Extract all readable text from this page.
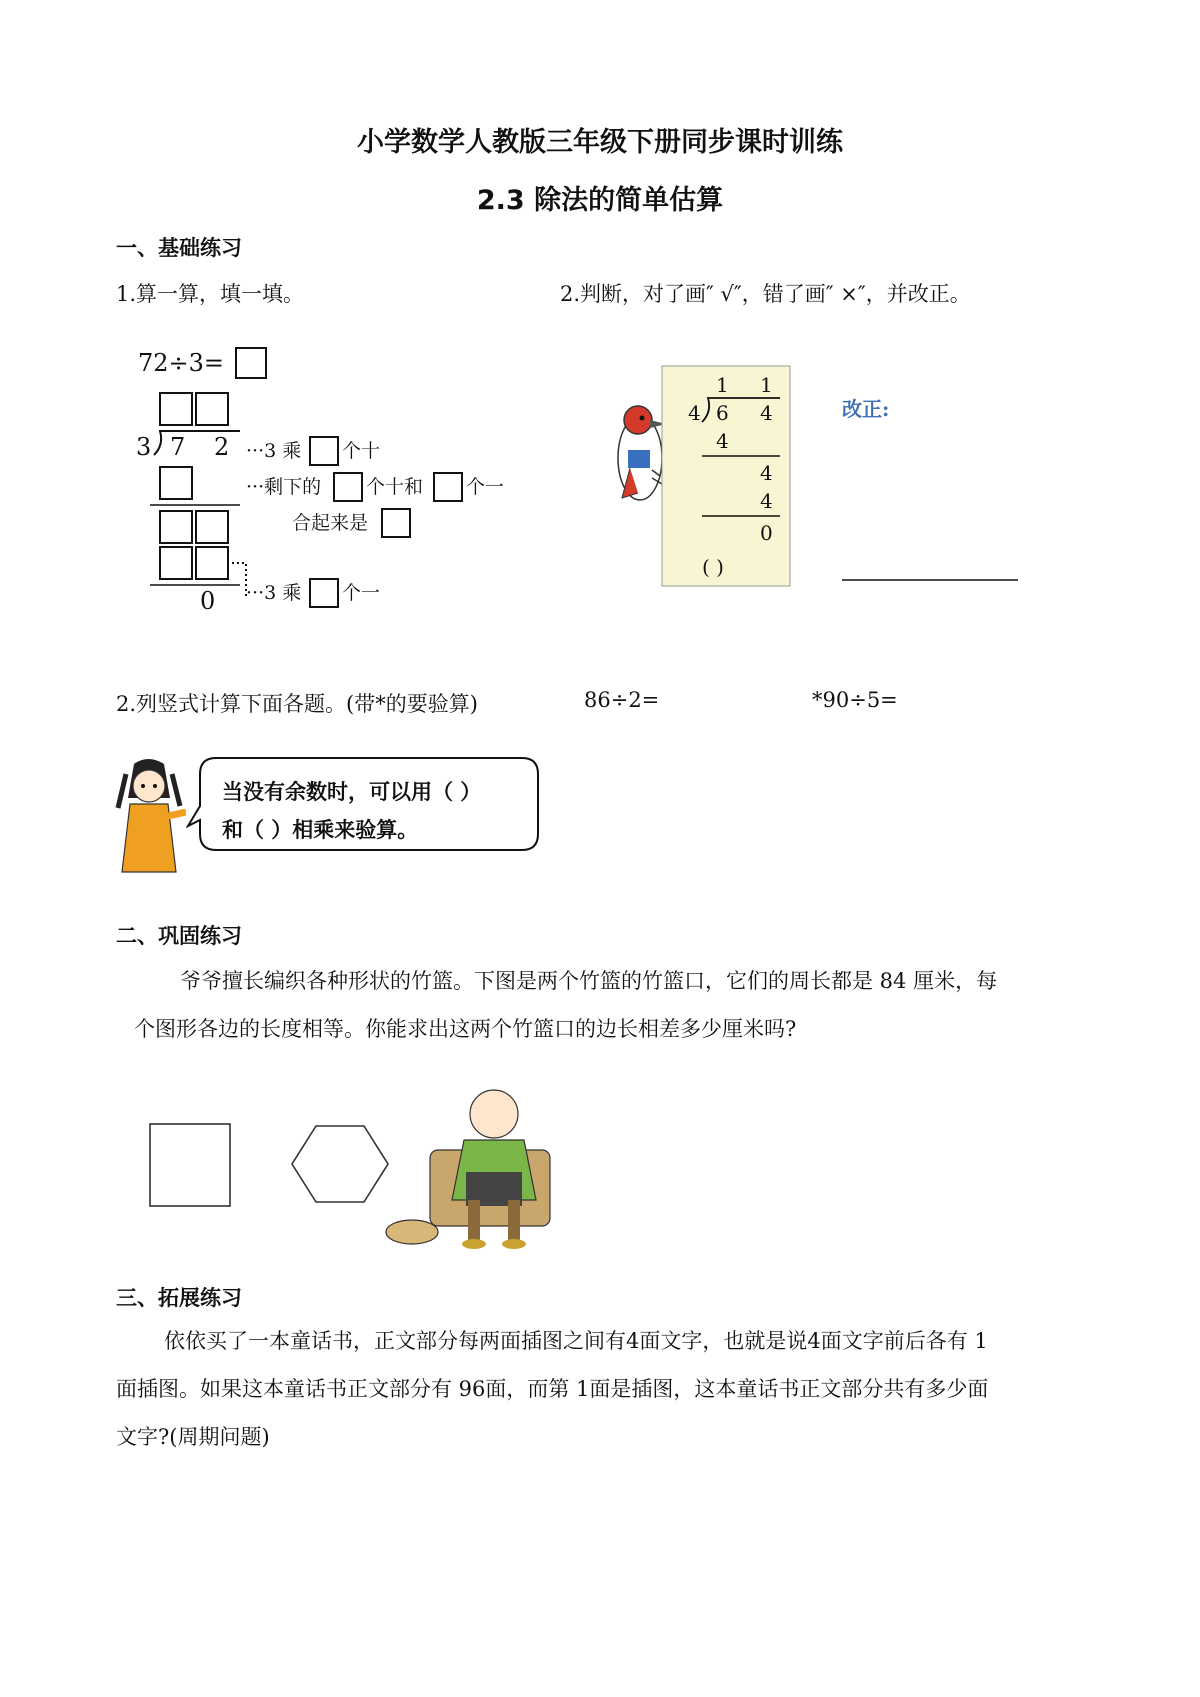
小学数学人教版三年级下册同步课时训练
2.3 除法的简单估算
一、基础练习
1.算一算，填一填。	2.判断，对了画″ √″，错了画″ ×″，并改正。
72÷3=
3 7 2
0
···3 乘 个十
···剩下的 个十和 个一
合起来是
···3 乘 个一
1 1
4 6 4
4
4
4
0
( )
改正:
2.列竖式计算下面各题。(带*的要验算)	86÷2=	*90÷5=
当没有余数时，可以用（ ）
和（ ）相乘来验算。
二、巩固练习
爷爷擅长编织各种形状的竹篮。下图是两个竹篮的竹篮口，它们的周长都是 84 厘米，每
个图形各边的长度相等。你能求出这两个竹篮口的边长相差多少厘米吗?
三、拓展练习
依依买了一本童话书，正文部分每两面插图之间有4面文字，也就是说4面文字前后各有 1
面插图。如果这本童话书正文部分有 96面，而第 1面是插图，这本童话书正文部分共有多少面
文字?(周期问题)
